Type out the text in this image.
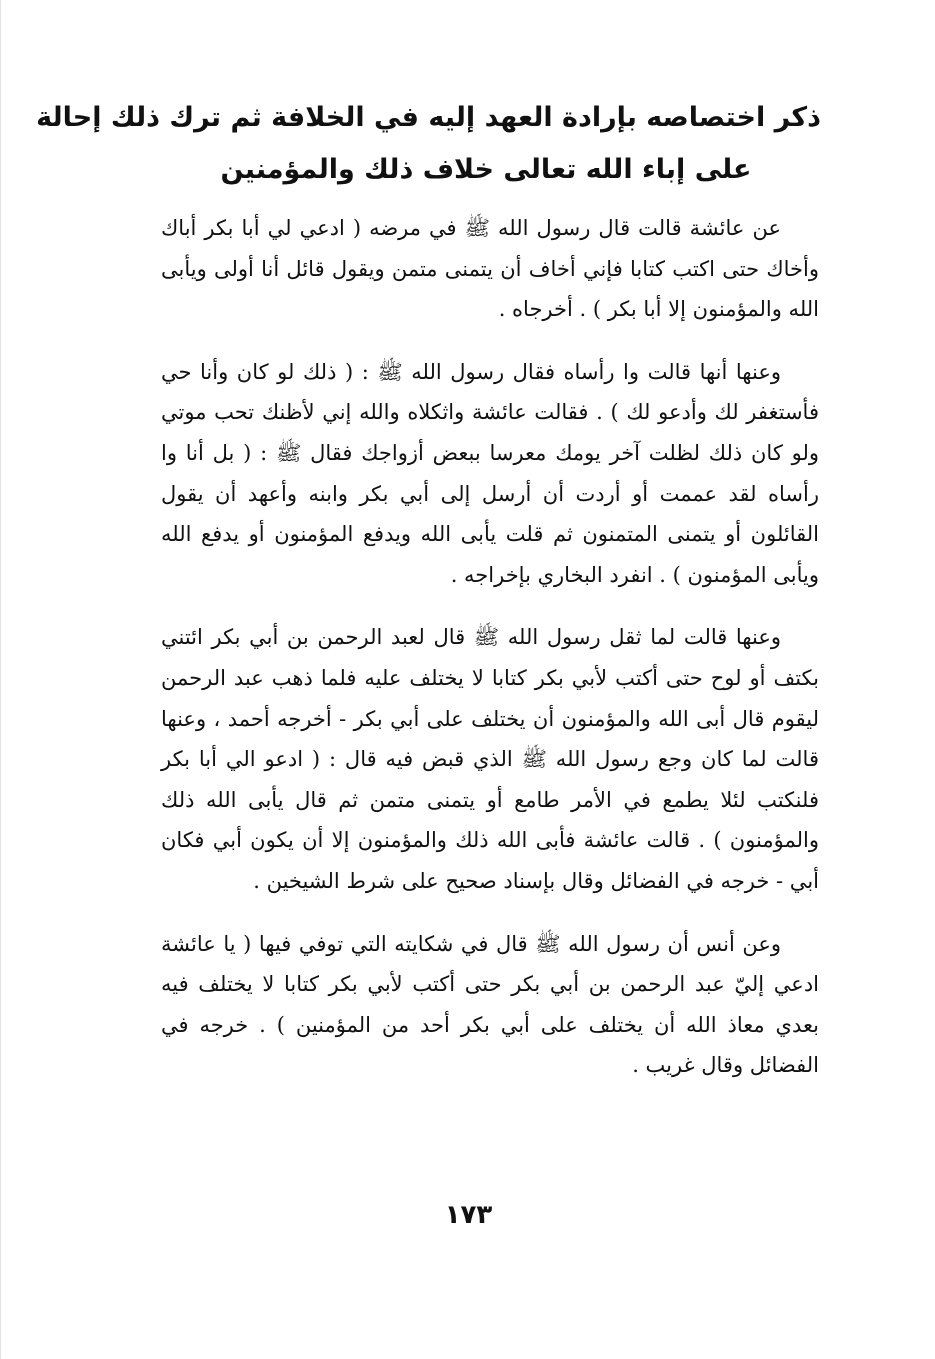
ذكر اختصاصه بإرادة العهد إليه في الخلافة ثم ترك ذلك إحالة
على إباء الله تعالى خلاف ذلك والمؤمنين

عن عائشة قالت قال رسول الله ﷺ في مرضه ( ادعي لي أبا بكر أباك وأخاك حتى اكتب كتابا فإني أخاف أن يتمنى متمن ويقول قائل أنا أولى ويأبى الله والمؤمنون إلا أبا بكر ) . أخرجاه .

وعنها أنها قالت وا رأساه فقال رسول الله ﷺ : ( ذلك لو كان وأنا حي فأستغفر لك وأدعو لك ) . فقالت عائشة واثكلاه والله إني لأظنك تحب موتي ولو كان ذلك لظلت آخر يومك معرسا ببعض أزواجك فقال ﷺ : ( بل أنا وا رأساه لقد عممت أو أردت أن أرسل إلى أبي بكر وابنه وأعهد أن يقول القائلون أو يتمنى المتمنون ثم قلت يأبى الله ويدفع المؤمنون أو يدفع الله ويأبى المؤمنون ) . انفرد البخاري بإخراجه .

وعنها قالت لما ثقل رسول الله ﷺ قال لعبد الرحمن بن أبي بكر ائتني بكتف أو لوح حتى أكتب لأبي بكر كتابا لا يختلف عليه فلما ذهب عبد الرحمن ليقوم قال أبى الله والمؤمنون أن يختلف على أبي بكر - أخرجه أحمد ، وعنها قالت لما كان وجع رسول الله ﷺ الذي قبض فيه قال : ( ادعو الي أبا بكر فلنكتب لئلا يطمع في الأمر طامع أو يتمنى متمن ثم قال يأبى الله ذلك والمؤمنون ) . قالت عائشة فأبى الله ذلك والمؤمنون إلا أن يكون أبي فكان أبي - خرجه في الفضائل وقال بإسناد صحيح على شرط الشيخين .

وعن أنس أن رسول الله ﷺ قال في شكايته التي توفي فيها ( يا عائشة ادعي إليّ عبد الرحمن بن أبي بكر حتى أكتب لأبي بكر كتابا لا يختلف فيه بعدي معاذ الله أن يختلف على أبي بكر أحد من المؤمنين ) . خرجه في الفضائل وقال غريب .

١٧٣
